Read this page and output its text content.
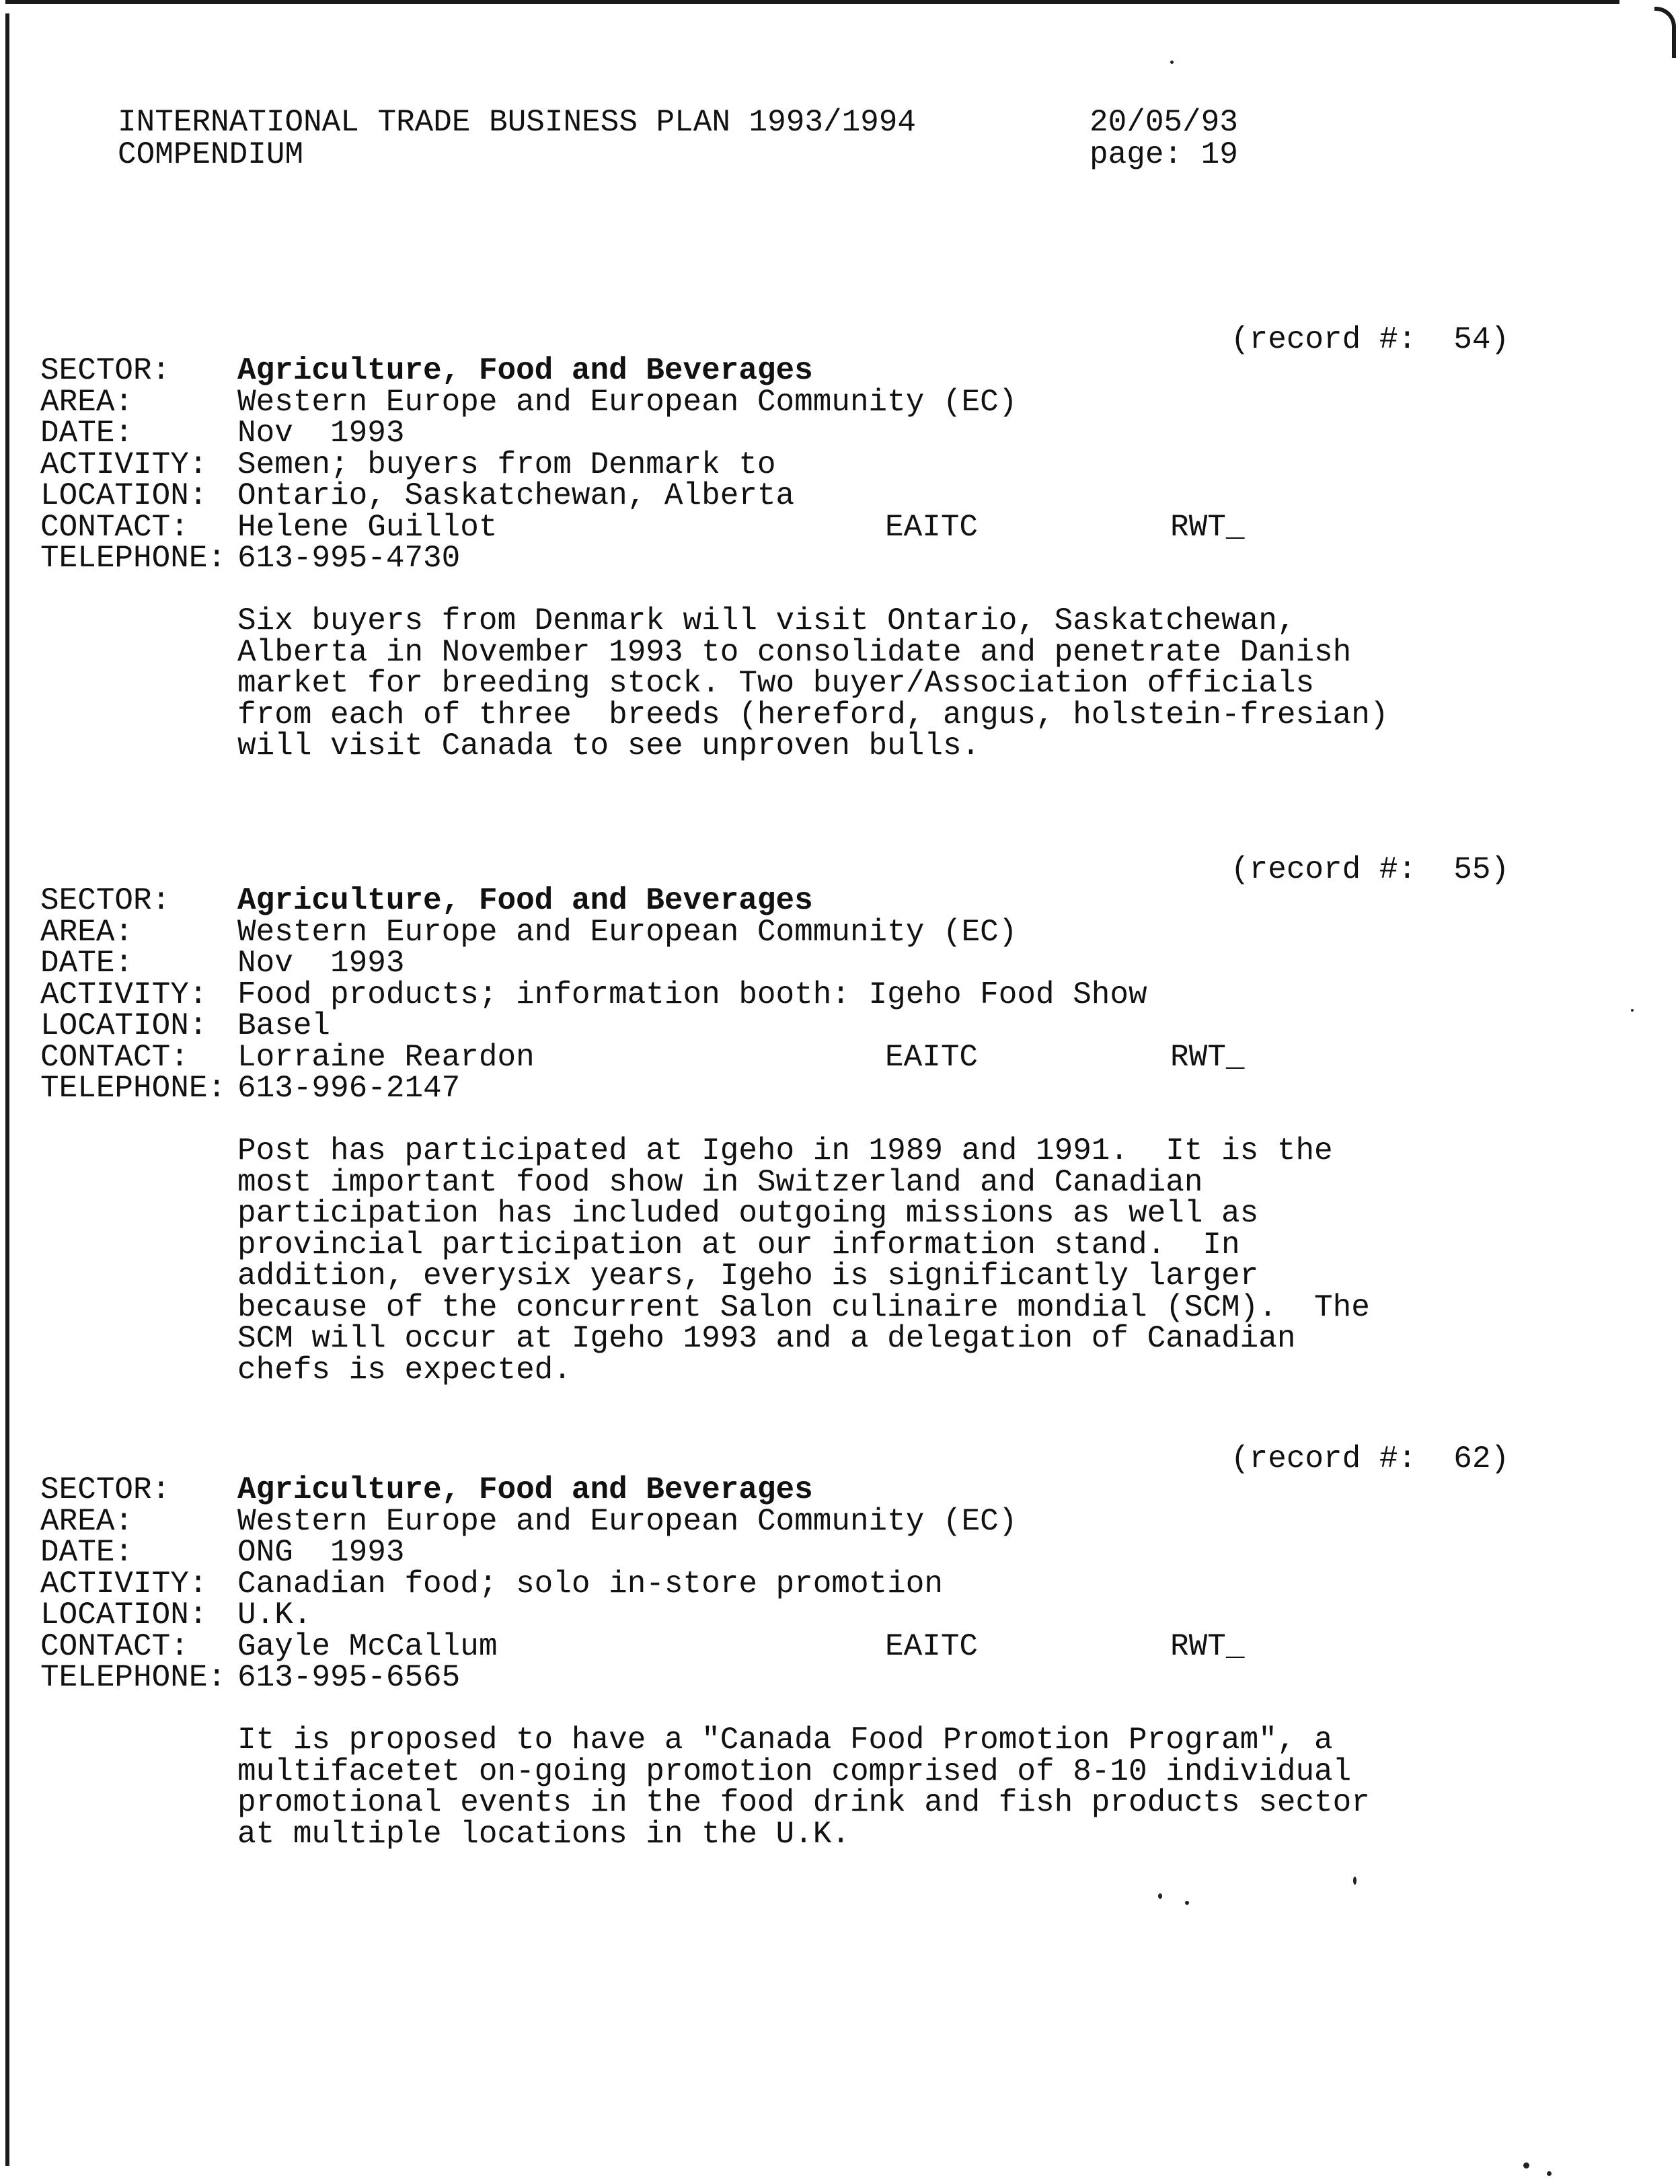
INTERNATIONAL TRADE BUSINESS PLAN 1993/1994
COMPENDIUM
20/05/93
page: 19
(record #:  54)

SECTOR:

Agriculture, Food and Beverages

AREA:

	Western Europe and European Community (EC)

DATE:

	Nov  1993

ACTIVITY:

Semen; buyers from Denmark to

LOCATION:

Ontario, Saskatchewan, Alberta

CONTACT:

Helene Guillot

	EAITC

	RWT_

TELEPHONE:

613-995-4730

Six buyers from Denmark will visit Ontario, Saskatchewan,
Alberta in November 1993 to consolidate and penetrate Danish
market for breeding stock. Two buyer/Association officials
from each of three  breeds (hereford, angus, holstein-fresian)
will visit Canada to see unproven bulls.
(record #:  55)

SECTOR:

Agriculture, Food and Beverages

AREA:

	Western Europe and European Community (EC)

DATE:

	Nov  1993

ACTIVITY:

Food products; information booth: Igeho Food Show

LOCATION:

Basel

CONTACT:

Lorraine Reardon

	EAITC

	RWT_

TELEPHONE:

613-996-2147

Post has participated at Igeho in 1989 and 1991.  It is the
most important food show in Switzerland and Canadian
participation has included outgoing missions as well as
provincial participation at our information stand.  In
addition, everysix years, Igeho is significantly larger
because of the concurrent Salon culinaire mondial (SCM).  The
SCM will occur at Igeho 1993 and a delegation of Canadian
chefs is expected.
(record #:  62)

SECTOR:

Agriculture, Food and Beverages

AREA:

	Western Europe and European Community (EC)

DATE:

	ONG  1993

ACTIVITY:

Canadian food; solo in-store promotion

LOCATION:

U.K.

CONTACT:

Gayle McCallum

	EAITC

	RWT_

TELEPHONE:

613-995-6565

It is proposed to have a "Canada Food Promotion Program", a
multifacetet on-going promotion comprised of 8-10 individual
promotional events in the food drink and fish products sector
at multiple locations in the U.K.
